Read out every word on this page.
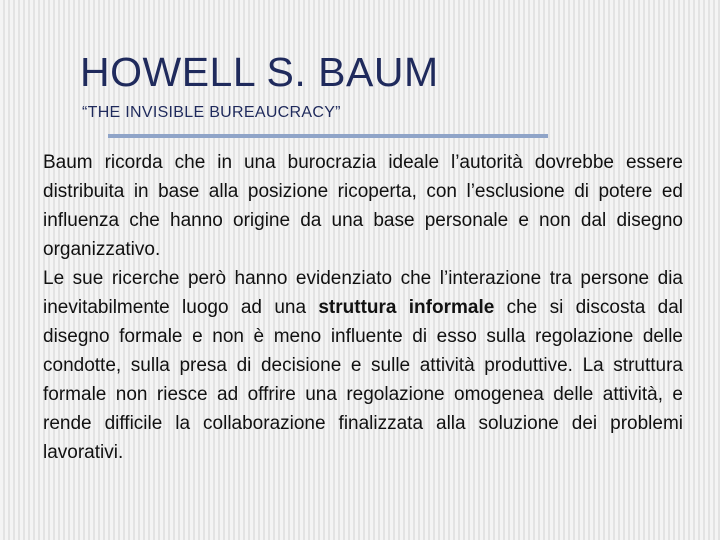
HOWELL S. BAUM
“THE INVISIBLE BUREAUCRACY”

Baum ricorda che in una burocrazia ideale l’autorità dovrebbe essere distribuita in base alla posizione ricoperta, con l’esclusione di potere ed influenza che hanno origine da una base personale e non dal disegno organizzativo.

Le sue ricerche però hanno evidenziato che l’interazione tra persone dia inevitabilmente luogo ad una struttura informale che si discosta dal disegno formale e non è meno influente di esso sulla regolazione delle condotte, sulla presa di decisione e sulle attività produttive. La struttura formale non riesce ad offrire una regolazione omogenea delle attività, e rende difficile la collaborazione finalizzata alla soluzione dei problemi lavorativi.
